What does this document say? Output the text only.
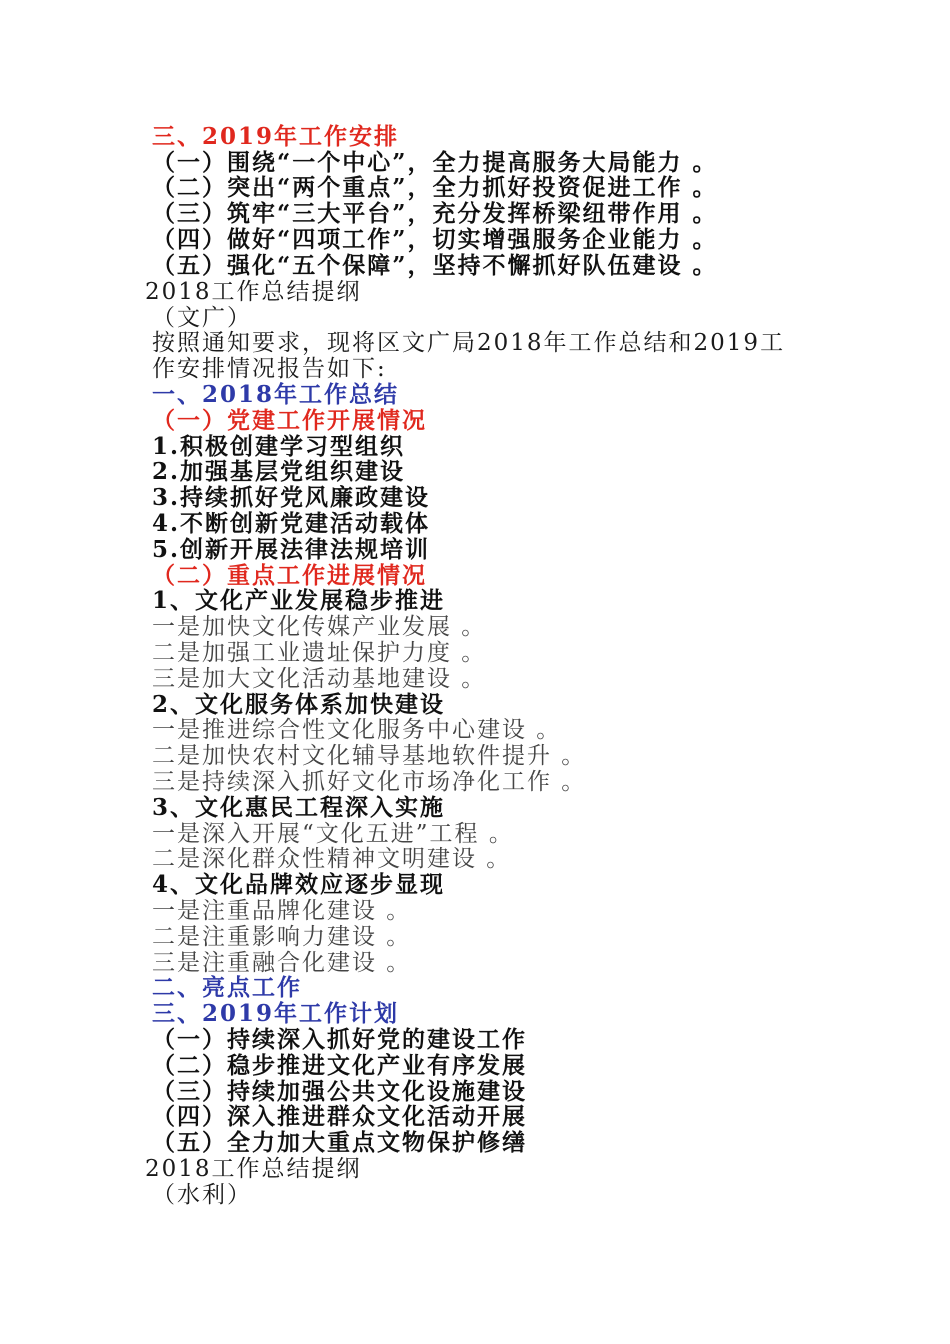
三、2019年工作安排
（一）围绕“一个中心”，全力提高服务大局能力 。
（二）突出“两个重点”，全力抓好投资促进工作 。
（三）筑牢“三大平台”，充分发挥桥梁纽带作用 。
（四）做好“四项工作”，切实增强服务企业能力 。
（五）强化“五个保障”，坚持不懈抓好队伍建设 。
2018工作总结提纲
（文广）
按照通知要求，现将区文广局2018年工作总结和2019工
作安排情况报告如下:
一、2018年工作总结
（一）党建工作开展情况
1.积极创建学习型组织
2.加强基层党组织建设
3.持续抓好党风廉政建设
4.不断创新党建活动载体
5.创新开展法律法规培训
（二）重点工作进展情况
1、文化产业发展稳步推进
一是加快文化传媒产业发展 。
二是加强工业遗址保护力度 。
三是加大文化活动基地建设 。
2、文化服务体系加快建设
一是推进综合性文化服务中心建设 。
二是加快农村文化辅导基地软件提升 。
三是持续深入抓好文化市场净化工作 。
3、文化惠民工程深入实施
一是深入开展“文化五进”工程 。
二是深化群众性精神文明建设 。
4、文化品牌效应逐步显现
一是注重品牌化建设 。
二是注重影响力建设 。
三是注重融合化建设 。
二、亮点工作
三、2019年工作计划
（一）持续深入抓好党的建设工作
（二）稳步推进文化产业有序发展
（三）持续加强公共文化设施建设
（四）深入推进群众文化活动开展
（五）全力加大重点文物保护修缮
2018工作总结提纲
（水利）
